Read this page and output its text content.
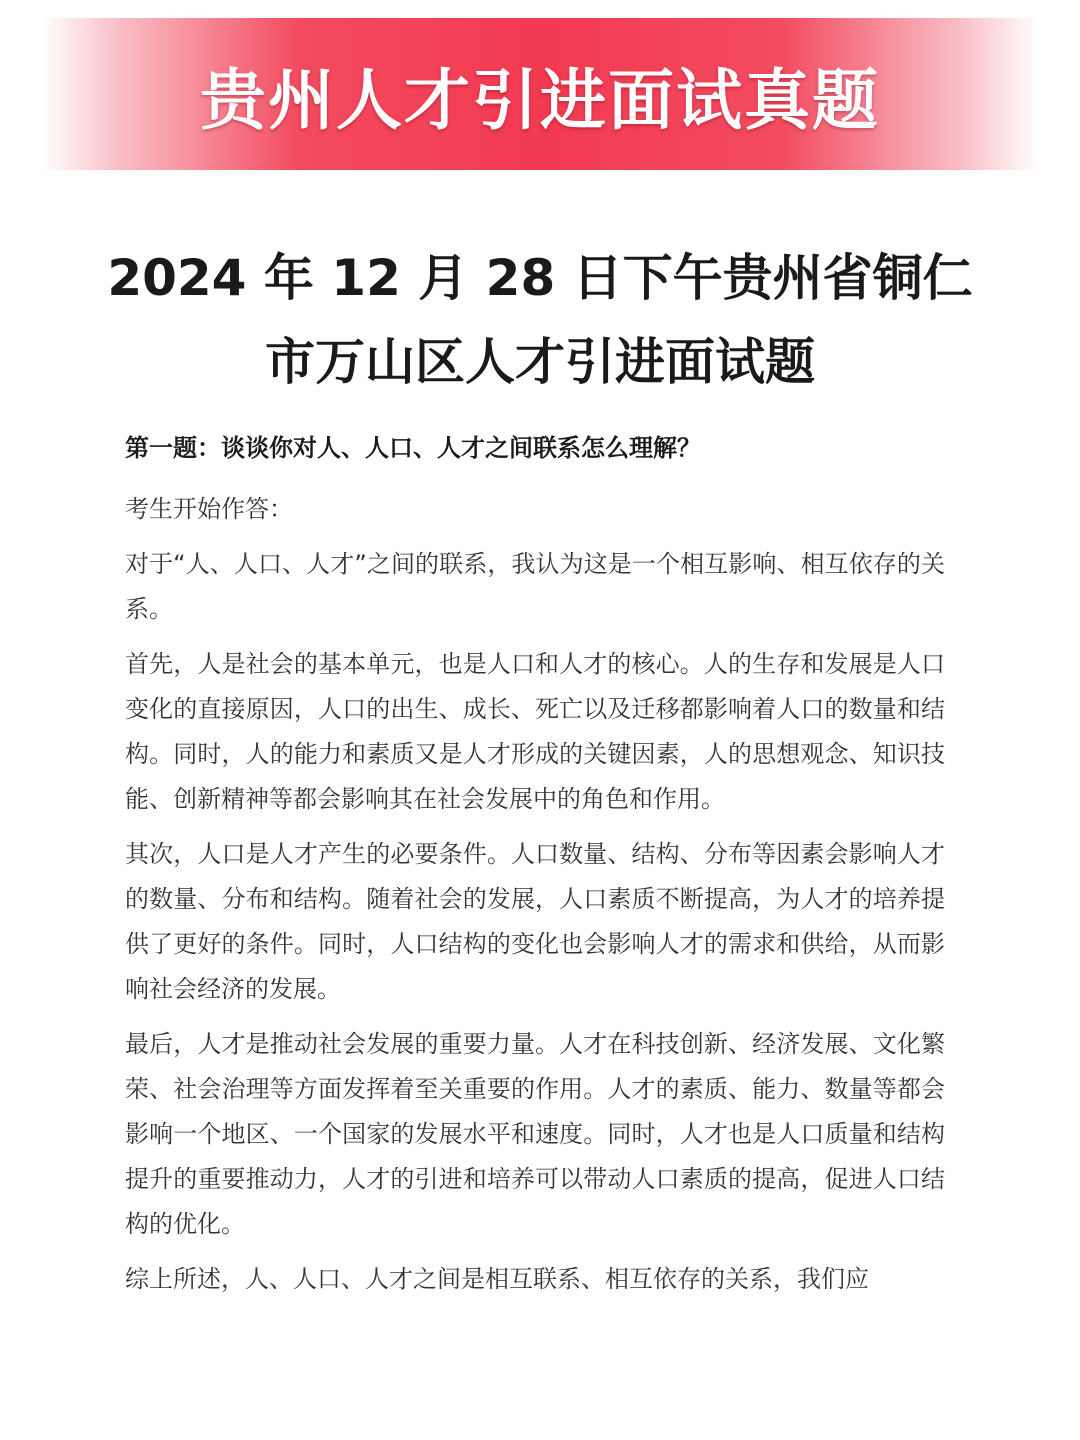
贵州人才引进面试真题
2024 年 12 月 28 日下午贵州省铜仁
市万山区人才引进面试题

第一题：谈谈你对人、人口、人才之间联系怎么理解？

考生开始作答：

对于“人、人口、人才”之间的联系，我认为这是一个相互影响、相互依存的关系。

首先，人是社会的基本单元，也是人口和人才的核心。人的生存和发展是人口变化的直接原因，人口的出生、成长、死亡以及迁移都影响着人口的数量和结构。同时，人的能力和素质又是人才形成的关键因素，人的思想观念、知识技能、创新精神等都会影响其在社会发展中的角色和作用。

其次，人口是人才产生的必要条件。人口数量、结构、分布等因素会影响人才的数量、分布和结构。随着社会的发展，人口素质不断提高，为人才的培养提供了更好的条件。同时，人口结构的变化也会影响人才的需求和供给，从而影响社会经济的发展。

最后，人才是推动社会发展的重要力量。人才在科技创新、经济发展、文化繁荣、社会治理等方面发挥着至关重要的作用。人才的素质、能力、数量等都会影响一个地区、一个国家的发展水平和速度。同时，人才也是人口质量和结构提升的重要推动力，人才的引进和培养可以带动人口素质的提高，促进人口结构的优化。

综上所述，人、人口、人才之间是相互联系、相互依存的关系，我们应
